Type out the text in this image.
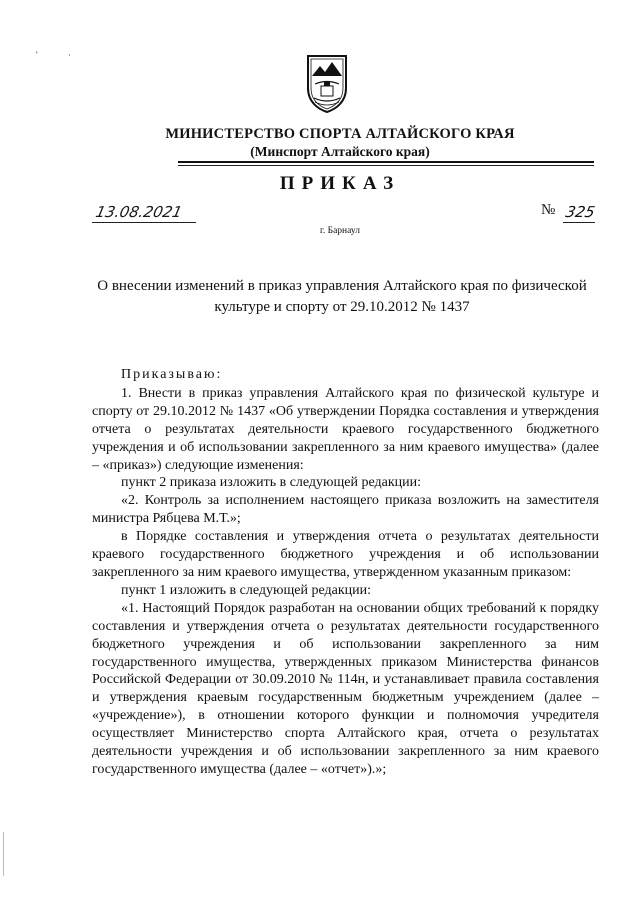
' ·
МИНИСТЕРСТВО СПОРТА АЛТАЙСКОГО КРАЯ
(Минспорт Алтайского края)
ПРИКАЗ
13.08.2021
г. Барнаул
№ 325
О внесении изменений в приказ управления Алтайского края по физической
культуре и спорту от 29.10.2012 № 1437

Приказываю:

1. Внести в приказ управления Алтайского края по физической культуре и спорту от 29.10.2012 № 1437 «Об утверждении Порядка составления и утверждения отчета о результатах деятельности краевого государственного бюджетного учреждения и об использовании закрепленного за ним краевого имущества» (далее – «приказ») следующие изменения:

пункт 2 приказа изложить в следующей редакции:

«2. Контроль за исполнением настоящего приказа возложить на заместителя министра Рябцева М.Т.»;

в Порядке составления и утверждения отчета о результатах деятельности краевого государственного бюджетного учреждения и об использовании закрепленного за ним краевого имущества, утвержденном указанным приказом:

пункт 1 изложить в следующей редакции:

«1. Настоящий Порядок разработан на основании общих требований к порядку составления и утверждения отчета о результатах деятельности государственного бюджетного учреждения и об использовании закрепленного за ним государственного имущества, утвержденных приказом Министерства финансов Российской Федерации от 30.09.2010 № 114н, и устанавливает правила составления и утверждения краевым государственным бюджетным учреждением (далее – «учреждение»), в отношении которого функции и полномочия учредителя осуществляет Министерство спорта Алтайского края, отчета о результатах деятельности учреждения и об использовании закрепленного за ним краевого государственного имущества (далее – «отчет»).»;
